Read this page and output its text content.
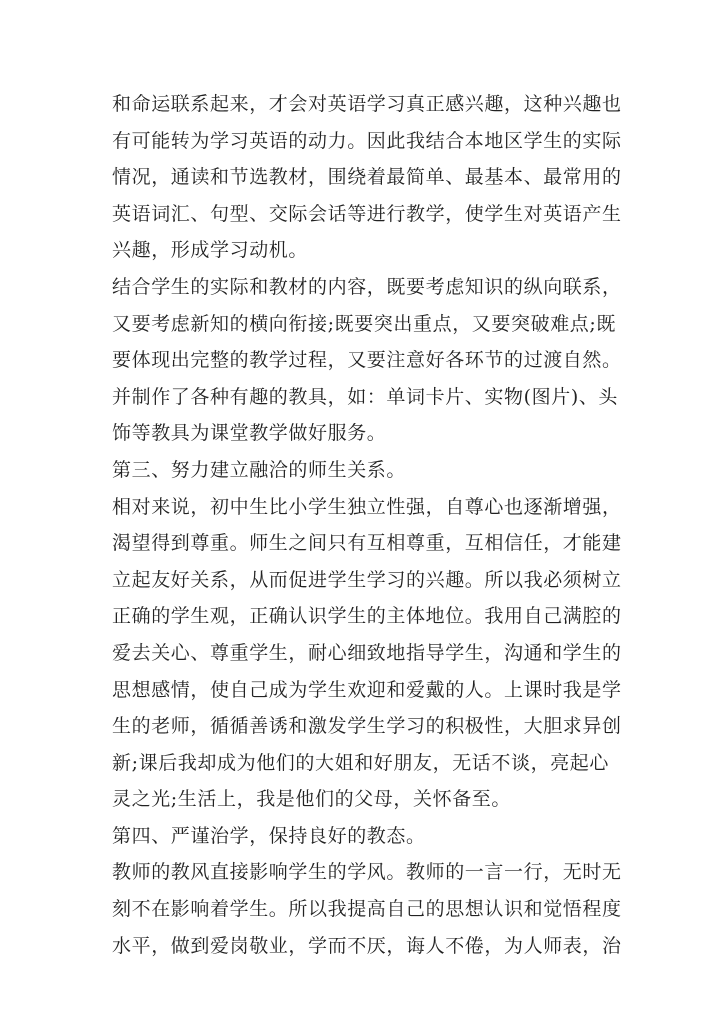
和命运联系起来，才会对英语学习真正感兴趣，这种兴趣也
有可能转为学习英语的动力。因此我结合本地区学生的实际
情况，通读和节选教材，围绕着最简单、最基本、最常用的
英语词汇、句型、交际会话等进行教学，使学生对英语产生
兴趣，形成学习动机。
结合学生的实际和教材的内容，既要考虑知识的纵向联系，
又要考虑新知的横向衔接;既要突出重点，又要突破难点;既
要体现出完整的教学过程，又要注意好各环节的过渡自然。
并制作了各种有趣的教具，如：单词卡片、实物(图片)、头
饰等教具为课堂教学做好服务。
第三、努力建立融洽的师生关系。
相对来说，初中生比小学生独立性强，自尊心也逐渐增强，
渴望得到尊重。师生之间只有互相尊重，互相信任，才能建
立起友好关系，从而促进学生学习的兴趣。所以我必须树立
正确的学生观，正确认识学生的主体地位。我用自己满腔的
爱去关心、尊重学生，耐心细致地指导学生，沟通和学生的
思想感情，使自己成为学生欢迎和爱戴的人。上课时我是学
生的老师，循循善诱和激发学生学习的积极性，大胆求异创
新;课后我却成为他们的大姐和好朋友，无话不谈，亮起心
灵之光;生活上，我是他们的父母，关怀备至。
第四、严谨治学，保持良好的教态。
教师的教风直接影响学生的学风。教师的一言一行，无时无
刻不在影响着学生。所以我提高自己的思想认识和觉悟程度
水平，做到爱岗敬业，学而不厌，诲人不倦，为人师表，治
